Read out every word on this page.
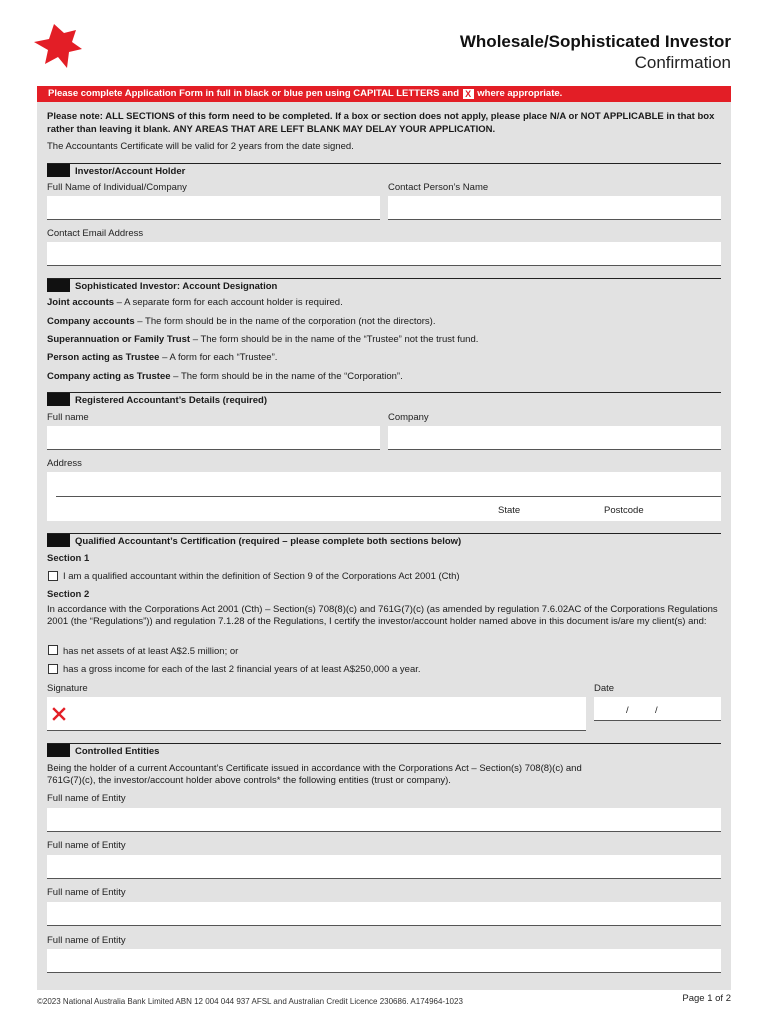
Wholesale/Sophisticated Investor
Confirmation
Please complete Application Form in full in black or blue pen using CAPITAL LETTERS and X where appropriate.
Please note: ALL SECTIONS of this form need to be completed. If a box or section does not apply, please place N/A or NOT APPLICABLE in that box rather than leaving it blank. ANY AREAS THAT ARE LEFT BLANK MAY DELAY YOUR APPLICATION.
The Accountants Certificate will be valid for 2 years from the date signed.
Investor/Account Holder
Full Name of Individual/Company	Contact Person’s Name
Contact Email Address
Sophisticated Investor: Account Designation
Joint accounts – A separate form for each account holder is required.
Company accounts – The form should be in the name of the corporation (not the directors).
Superannuation or Family Trust – The form should be in the name of the “Trustee” not the trust fund.
Person acting as Trustee – A form for each “Trustee”.
Company acting as Trustee – The form should be in the name of the “Corporation”.
Registered Accountant’s Details (required)
Full name	Company
Address
State	Postcode
Qualified Accountant’s Certification (required – please complete both sections below)
Section 1
I am a qualified accountant within the definition of Section 9 of the Corporations Act 2001 (Cth)
Section 2
In accordance with the Corporations Act 2001 (Cth) – Section(s) 708(8)(c) and 761G(7)(c) (as amended by regulation 7.6.02AC of the Corporations Regulations 2001 (the “Regulations”)) and regulation 7.1.28 of the Regulations, I certify the investor/account holder named above in this document is/are my client(s) and:
has net assets of at least A$2.5 million; or
has a gross income for each of the last 2 financial years of at least A$250,000 a year.
Signature	Date
/	/
Controlled Entities
Being the holder of a current Accountant’s Certificate issued in accordance with the Corporations Act – Section(s) 708(8)(c) and 761G(7)(c), the investor/account holder above controls* the following entities (trust or company).
Full name of Entity
Full name of Entity
Full name of Entity
Full name of Entity
©2023 National Australia Bank Limited ABN 12 004 044 937 AFSL and Australian Credit Licence 230686. A174964-1023	Page 1 of 2
